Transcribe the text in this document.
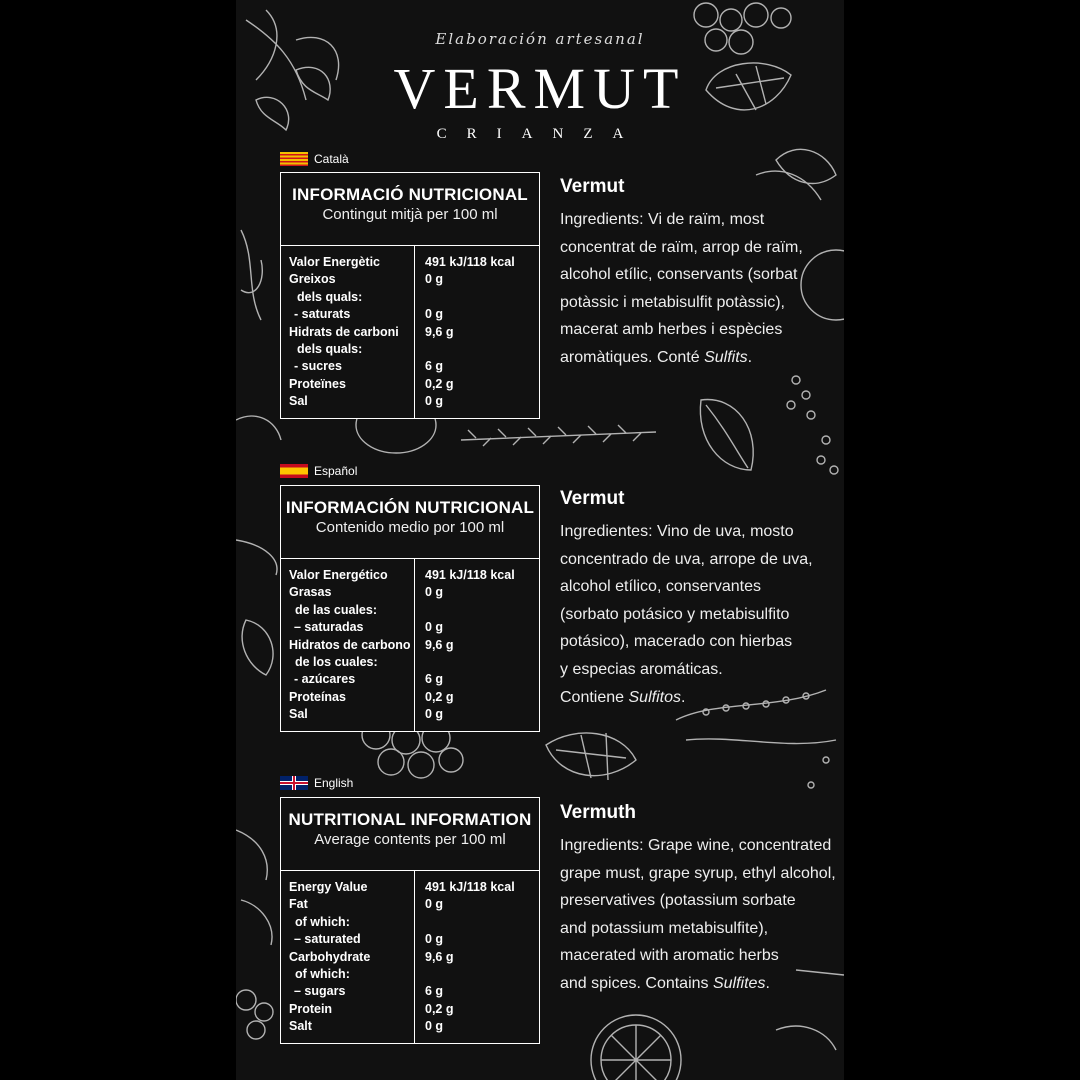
Elaboración artesanal
VERMUT
CRIANZA
Català
INFORMACIÓ NUTRICIONAL
Contingut mitjà per 100 ml
Valor Energètic
Greixos
dels quals:
- saturats
Hidrats de carboni
dels quals:
- sucres
Proteïnes
Sal
491 kJ/118 kcal
0 g
0 g
9,6 g
6 g
0,2 g
0 g
Vermut
Ingredients: Vi de raïm, most
concentrat de raïm, arrop de raïm,
alcohol etílic, conservants (sorbat
potàssic i metabisulfit potàssic),
macerat amb herbes i espècies
aromàtiques. Conté Sulfits.
Español
INFORMACIÓN NUTRICIONAL
Contenido medio por 100 ml
Valor Energético
Grasas
de las cuales:
– saturadas
Hidratos de carbono
de los cuales:
- azúcares
Proteínas
Sal
491 kJ/118 kcal
0 g
0 g
9,6 g
6 g
0,2 g
0 g
Vermut
Ingredientes: Vino de uva, mosto
concentrado de uva, arrope de uva,
alcohol etílico, conservantes
(sorbato potásico y metabisulfito
potásico), macerado con hierbas
y especias aromáticas.
Contiene Sulfitos.
English
NUTRITIONAL INFORMATION
Average contents per 100 ml
Energy Value
Fat
of which:
– saturated
Carbohydrate
of which:
– sugars
Protein
Salt
491 kJ/118 kcal
0 g
0 g
9,6 g
6 g
0,2 g
0 g
Vermuth
Ingredients: Grape wine, concentrated
grape must, grape syrup, ethyl alcohol,
preservatives (potassium sorbate
and potassium metabisulfite),
macerated with aromatic herbs
and spices. Contains Sulfites.
